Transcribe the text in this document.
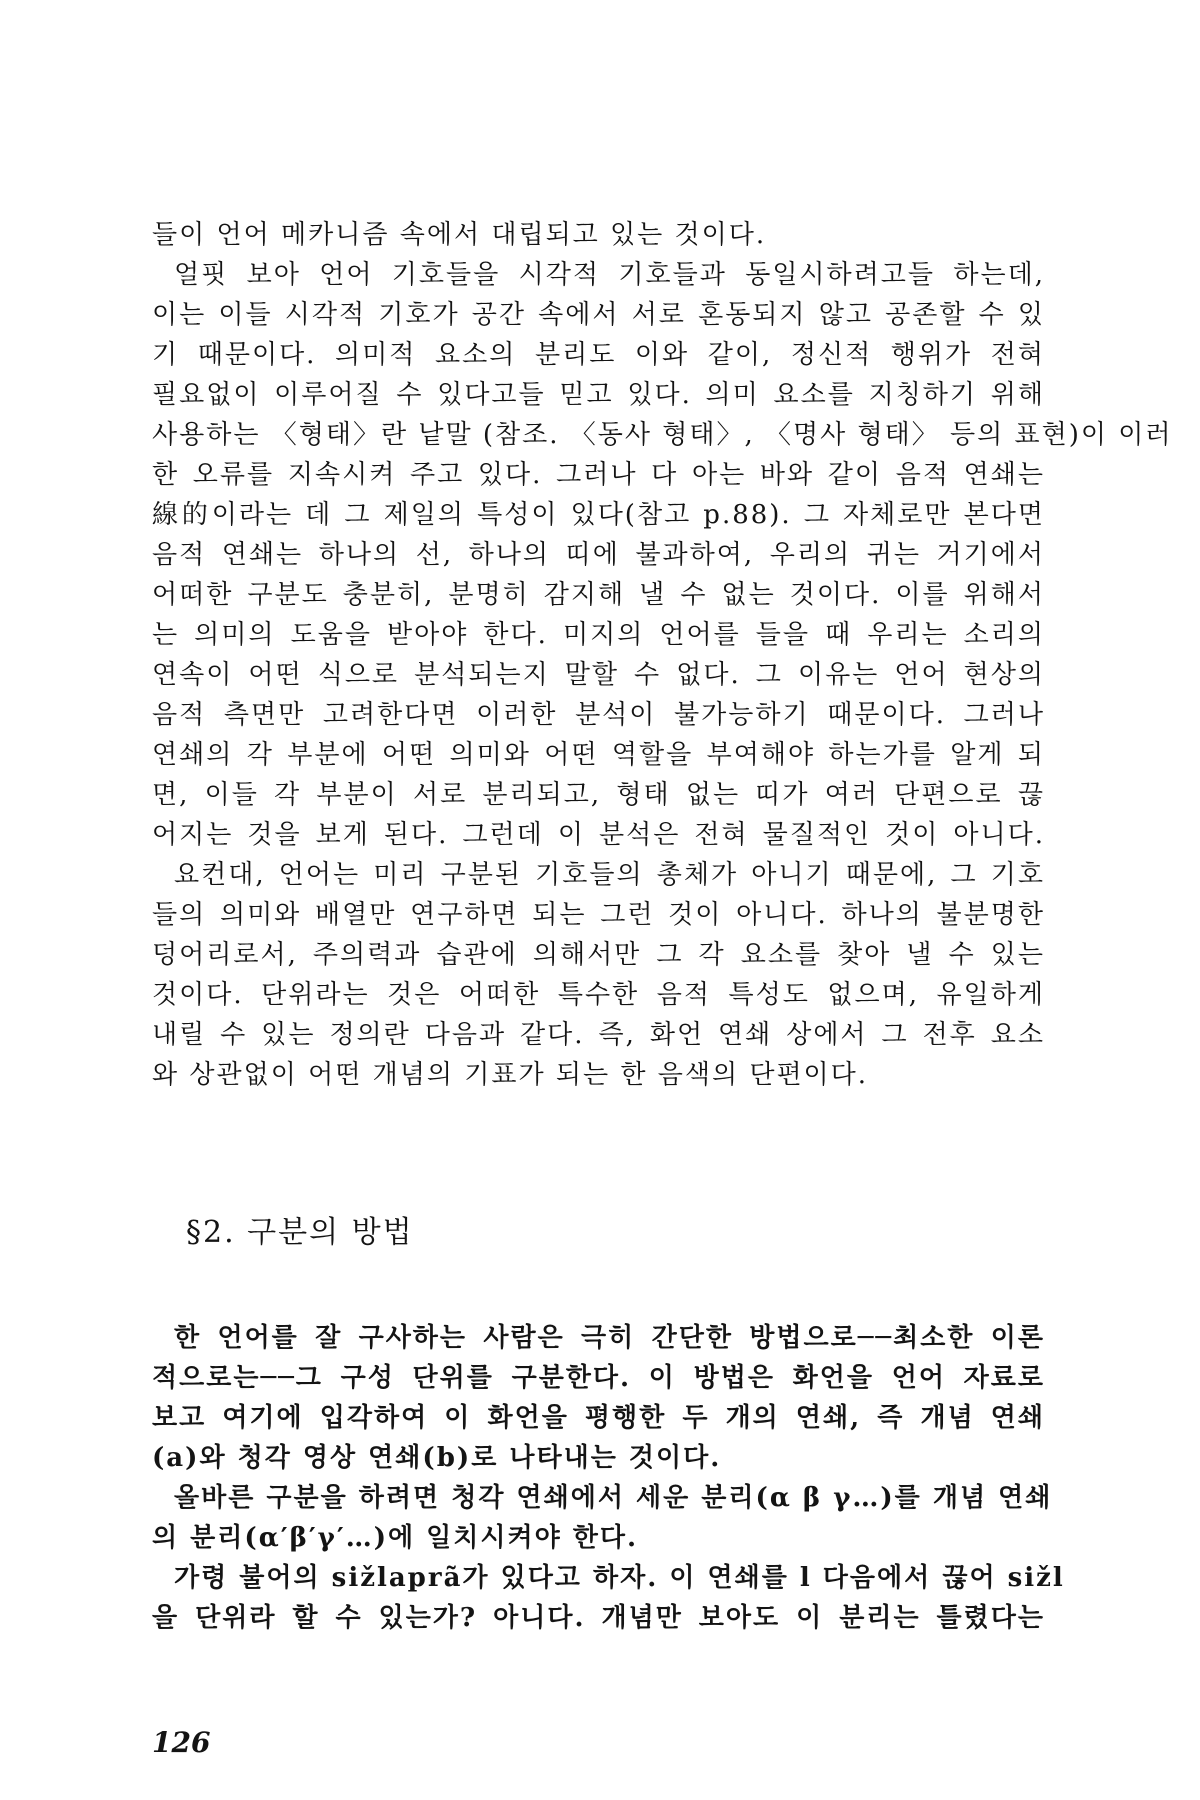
들이 언어 메카니즘 속에서 대립되고 있는 것이다.
얼핏 보아 언어 기호들을 시각적 기호들과 동일시하려고들 하는데,
이는 이들 시각적 기호가 공간 속에서 서로 혼동되지 않고 공존할 수 있
기 때문이다. 의미적 요소의 분리도 이와 같이, 정신적 행위가 전혀
필요없이 이루어질 수 있다고들 믿고 있다. 의미 요소를 지칭하기 위해
사용하는 〈형태〉란 낱말 (참조. 〈동사 형태〉, 〈명사 형태〉 등의 표현)이 이러
한 오류를 지속시켜 주고 있다. 그러나 다 아는 바와 같이 음적 연쇄는
線的이라는 데 그 제일의 특성이 있다(참고 p.88). 그 자체로만 본다면
음적 연쇄는 하나의 선, 하나의 띠에 불과하여, 우리의 귀는 거기에서
어떠한 구분도 충분히, 분명히 감지해 낼 수 없는 것이다. 이를 위해서
는 의미의 도움을 받아야 한다. 미지의 언어를 들을 때 우리는 소리의
연속이 어떤 식으로 분석되는지 말할 수 없다. 그 이유는 언어 현상의
음적 측면만 고려한다면 이러한 분석이 불가능하기 때문이다. 그러나
연쇄의 각 부분에 어떤 의미와 어떤 역할을 부여해야 하는가를 알게 되
면, 이들 각 부분이 서로 분리되고, 형태 없는 띠가 여러 단편으로 끊
어지는 것을 보게 된다. 그런데 이 분석은 전혀 물질적인 것이 아니다.
요컨대, 언어는 미리 구분된 기호들의 총체가 아니기 때문에, 그 기호
들의 의미와 배열만 연구하면 되는 그런 것이 아니다. 하나의 불분명한
덩어리로서, 주의력과 습관에 의해서만 그 각 요소를 찾아 낼 수 있는
것이다. 단위라는 것은 어떠한 특수한 음적 특성도 없으며, 유일하게
내릴 수 있는 정의란 다음과 같다. 즉, 화언 연쇄 상에서 그 전후 요소
와 상관없이 어떤 개념의 기표가 되는 한 음색의 단편이다.
§2. 구분의 방법
한 언어를 잘 구사하는 사람은 극히 간단한 방법으로──최소한 이론
적으로는──그 구성 단위를 구분한다. 이 방법은 화언을 언어 자료로
보고 여기에 입각하여 이 화언을 평행한 두 개의 연쇄, 즉 개념 연쇄
(a)와 청각 영상 연쇄(b)로 나타내는 것이다.
올바른 구분을 하려면 청각 연쇄에서 세운 분리(α β γ…)를 개념 연쇄
의 분리(α′β′γ′…)에 일치시켜야 한다.
가령 불어의 sižlaprã가 있다고 하자. 이 연쇄를 l 다음에서 끊어 sižl
을 단위라 할 수 있는가? 아니다. 개념만 보아도 이 분리는 틀렸다는
126
